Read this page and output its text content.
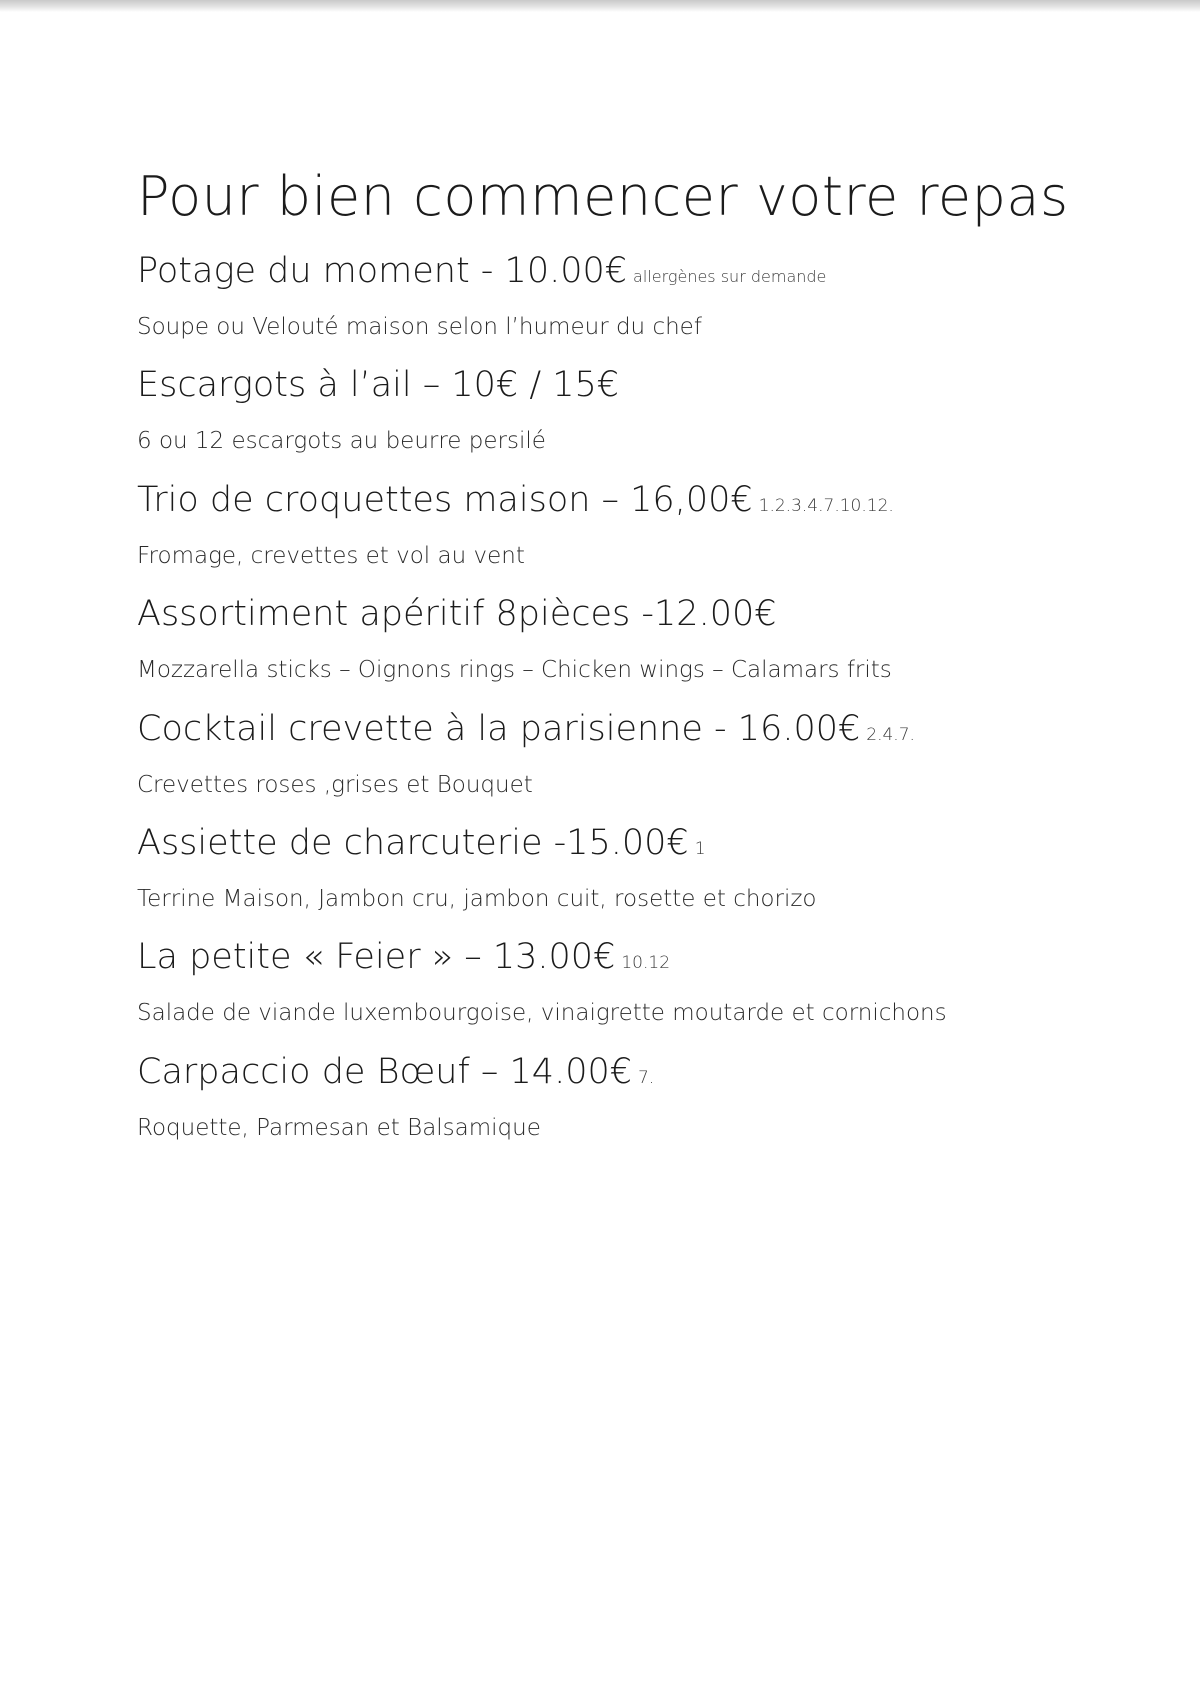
Pour bien commencer votre repas

Potage du moment - 10.00€ allergènes sur demande

Soupe ou Velouté maison selon l’humeur du chef

Escargots à l’ail – 10€ / 15€

6 ou 12 escargots au beurre persilé

Trio de croquettes maison – 16,00€ 1.2.3.4.7.10.12.

Fromage, crevettes et vol au vent

Assortiment apéritif 8pièces -12.00€

Mozzarella sticks – Oignons rings – Chicken wings – Calamars frits

Cocktail crevette à la parisienne - 16.00€ 2.4.7.

Crevettes roses ,grises et Bouquet

Assiette de charcuterie -15.00€ 1

Terrine Maison, Jambon cru, jambon cuit, rosette et chorizo

La petite « Feier » – 13.00€ 10.12

Salade de viande luxembourgoise, vinaigrette moutarde et cornichons

Carpaccio de Bœuf – 14.00€ 7.

Roquette, Parmesan et Balsamique
